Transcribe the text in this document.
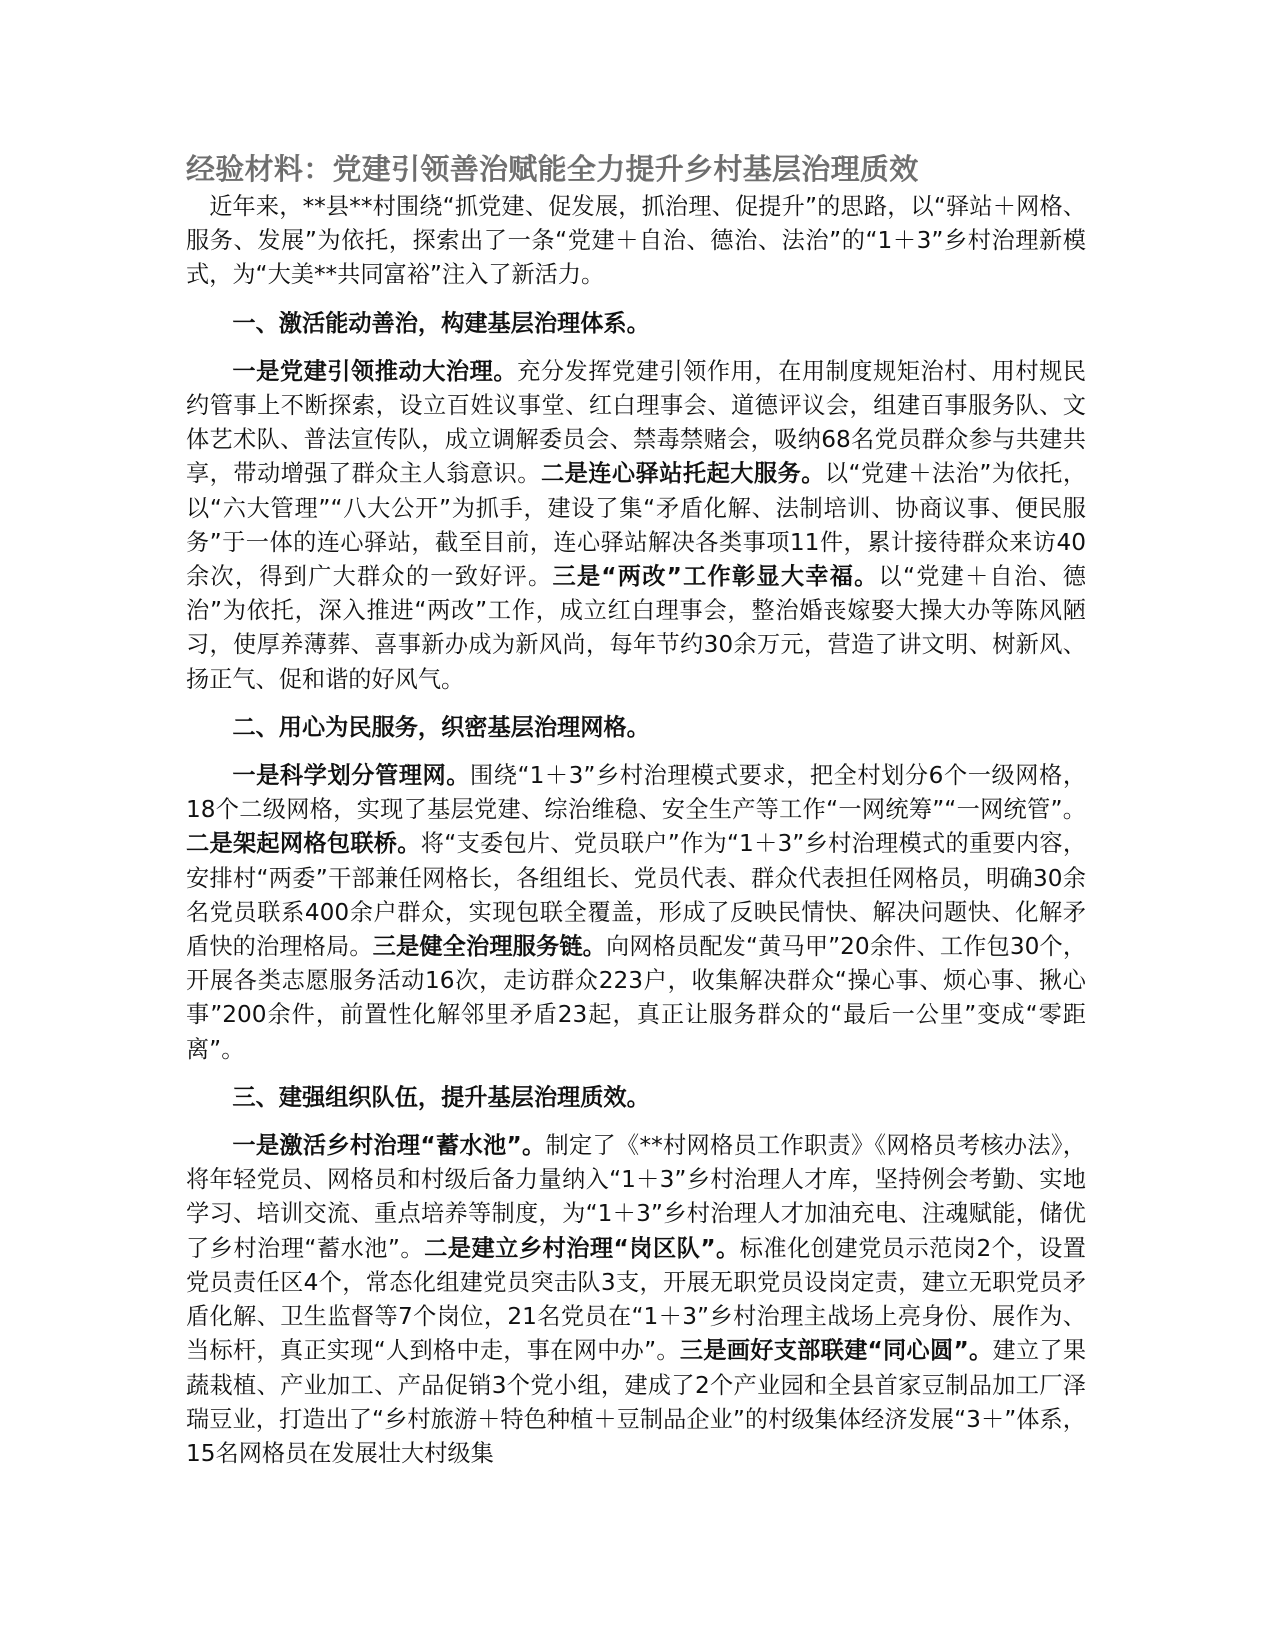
经验材料：党建引领善治赋能全力提升乡村基层治理质效

近年来，**县**村围绕“抓党建、促发展，抓治理、促提升”的思路，以“驿站＋网格、服务、发展”为依托，探索出了一条“党建＋自治、德治、法治”的“1＋3”乡村治理新模式，为“大美**共同富裕”注入了新活力。

一、激活能动善治，构建基层治理体系。

一是党建引领推动大治理。充分发挥党建引领作用，在用制度规矩治村、用村规民约管事上不断探索，设立百姓议事堂、红白理事会、道德评议会，组建百事服务队、文体艺术队、普法宣传队，成立调解委员会、禁毒禁赌会，吸纳68名党员群众参与共建共享，带动增强了群众主人翁意识。二是连心驿站托起大服务。以“党建＋法治”为依托，以“六大管理”“八大公开”为抓手，建设了集“矛盾化解、法制培训、协商议事、便民服务”于一体的连心驿站，截至目前，连心驿站解决各类事项11件，累计接待群众来访40余次，得到广大群众的一致好评。三是“两改”工作彰显大幸福。以“党建＋自治、德治”为依托，深入推进“两改”工作，成立红白理事会，整治婚丧嫁娶大操大办等陈风陋习，使厚养薄葬、喜事新办成为新风尚，每年节约30余万元，营造了讲文明、树新风、扬正气、促和谐的好风气。

二、用心为民服务，织密基层治理网格。

一是科学划分管理网。围绕“1＋3”乡村治理模式要求，把全村划分6个一级网格，18个二级网格，实现了基层党建、综治维稳、安全生产等工作“一网统筹”“一网统管”。二是架起网格包联桥。将“支委包片、党员联户”作为“1＋3”乡村治理模式的重要内容，安排村“两委”干部兼任网格长，各组组长、党员代表、群众代表担任网格员，明确30余名党员联系400余户群众，实现包联全覆盖，形成了反映民情快、解决问题快、化解矛盾快的治理格局。三是健全治理服务链。向网格员配发“黄马甲”20余件、工作包30个，开展各类志愿服务活动16次，走访群众223户，收集解决群众“操心事、烦心事、揪心事”200余件，前置性化解邻里矛盾23起，真正让服务群众的“最后一公里”变成“零距离”。

三、建强组织队伍，提升基层治理质效。

一是激活乡村治理“蓄水池”。制定了《**村网格员工作职责》《网格员考核办法》，将年轻党员、网格员和村级后备力量纳入“1＋3”乡村治理人才库，坚持例会考勤、实地学习、培训交流、重点培养等制度，为“1＋3”乡村治理人才加油充电、注魂赋能，储优了乡村治理“蓄水池”。二是建立乡村治理“岗区队”。标准化创建党员示范岗2个，设置党员责任区4个，常态化组建党员突击队3支，开展无职党员设岗定责，建立无职党员矛盾化解、卫生监督等7个岗位，21名党员在“1＋3”乡村治理主战场上亮身份、展作为、当标杆，真正实现“人到格中走，事在网中办”。三是画好支部联建“同心圆”。建立了果蔬栽植、产业加工、产品促销3个党小组，建成了2个产业园和全县首家豆制品加工厂泽瑞豆业，打造出了“乡村旅游＋特色种植＋豆制品企业”的村级集体经济发展“3＋”体系，15名网格员在发展壮大村级集
